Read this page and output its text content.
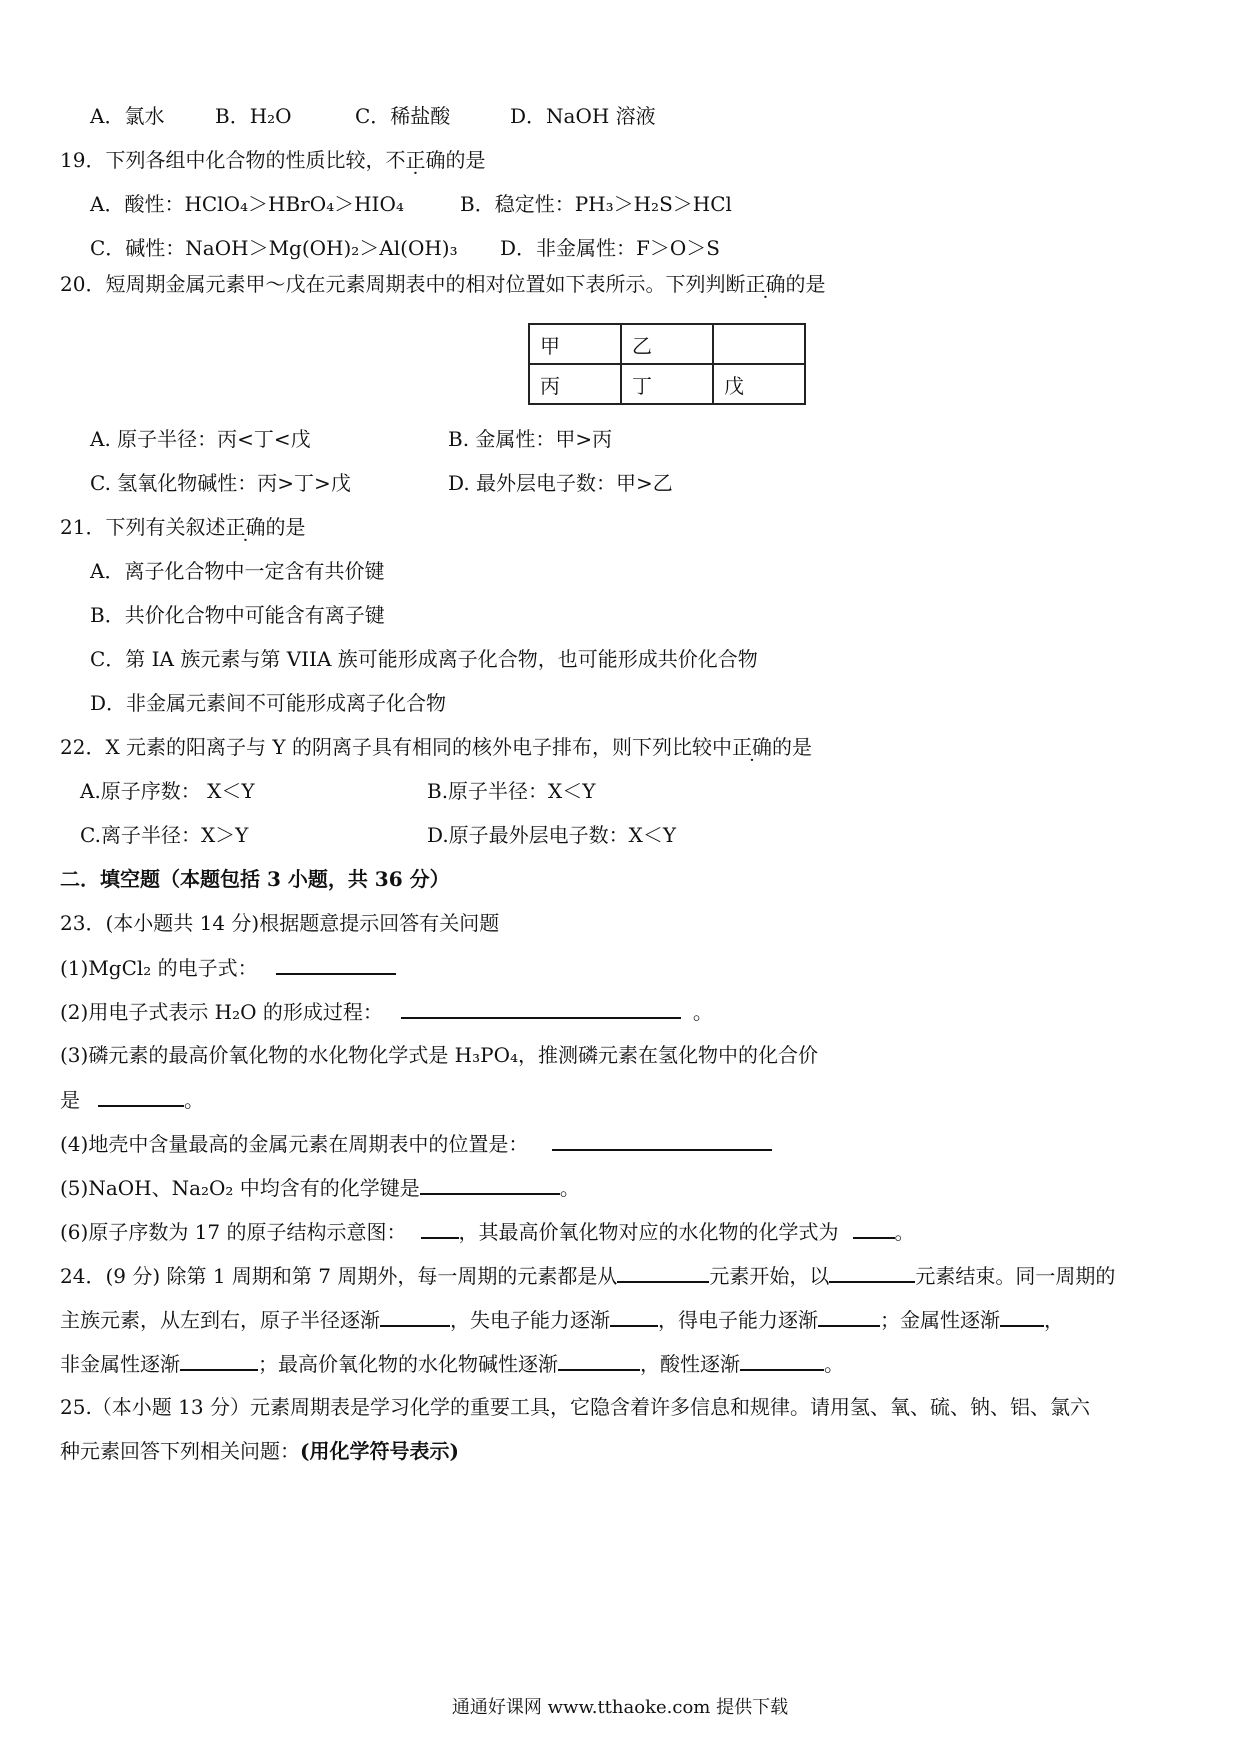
A．氯水	B．H₂O	C．稀盐酸	D．NaOH 溶液
19．下列各组中化合物的性质比较，不正确的是
A．酸性：HClO₄＞HBrO₄＞HIO₄	B．稳定性：PH₃＞H₂S＞HCl
C．碱性：NaOH＞Mg(OH)₂＞Al(OH)₃ D．非金属性：F＞O＞S
20．短周期金属元素甲～戊在元素周期表中的相对位置如下表所示。下列判断正确的是
甲	乙	
丙	丁	戊
A. 原子半径：丙<丁<戊	B. 金属性：甲>丙
C. 氢氧化物碱性：丙>丁>戊	D. 最外层电子数：甲>乙
21．下列有关叙述正确的是
A．离子化合物中一定含有共价键
B．共价化合物中可能含有离子键
C．第 IA 族元素与第 VIIA 族可能形成离子化合物，也可能形成共价化合物
D．非金属元素间不可能形成离子化合物
22．X 元素的阳离子与 Y 的阴离子具有相同的核外电子排布，则下列比较中正确的是
A.原子序数： X＜Y	B.原子半径：X＜Y
C.离子半径：X＞Y	D.原子最外层电子数：X＜Y
二．填空题（本题包括 3 小题，共 36 分）
23．(本小题共 14 分)根据题意提示回答有关问题
(1)MgCl₂ 的电子式：
(2)用电子式表示 H₂O 的形成过程：	。
(3)磷元素的最高价氧化物的水化物化学式是 H₃PO₄，推测磷元素在氢化物中的化合价
是	。
(4)地壳中含量最高的金属元素在周期表中的位置是：
(5)NaOH、Na₂O₂ 中均含有的化学键是	。
(6)原子序数为 17 的原子结构示意图：	，其最高价氧化物对应的水化物的化学式为	。
24．(9 分) 除第 1 周期和第 7 周期外，每一周期的元素都是从	元素开始，以	元素结束。同一周期的
主族元素，从左到右，原子半径逐渐	，失电子能力逐渐 ，得电子能力逐渐	；金属性逐渐 ，
非金属性逐渐	；最高价氧化物的水化物碱性逐渐	，酸性逐渐	。
25.（本小题 13 分）元素周期表是学习化学的重要工具，它隐含着许多信息和规律。请用氢、氧、硫、钠、铝、氯六
种元素回答下列相关问题：(用化学符号表示)
通通好课网 www.tthaoke.com 提供下载
